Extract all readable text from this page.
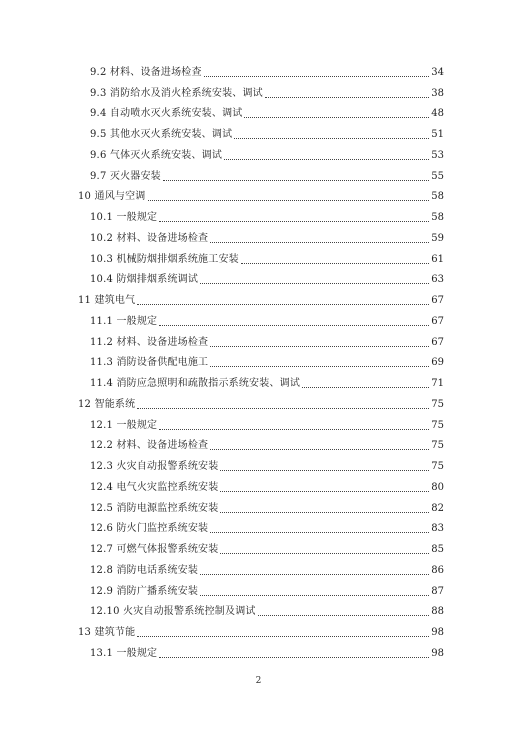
9.2 材料、设备进场检查	34
9.3 消防给水及消火栓系统安装、调试	38
9.4 自动喷水灭火系统安装、调试	48
9.5 其他水灭火系统安装、调试	51
9.6 气体灭火系统安装、调试	53
9.7 灭火器安装	55
10 通风与空调	58
10.1 一般规定	58
10.2 材料、设备进场检查	59
10.3 机械防烟排烟系统施工安装	61
10.4 防烟排烟系统调试	63
11 建筑电气	67
11.1 一般规定	67
11.2 材料、设备进场检查	67
11.3 消防设备供配电施工	69
11.4 消防应急照明和疏散指示系统安装、调试	71
12 智能系统	75
12.1 一般规定	75
12.2 材料、设备进场检查	75
12.3 火灾自动报警系统安装	75
12.4 电气火灾监控系统安装	80
12.5 消防电源监控系统安装	82
12.6 防火门监控系统安装	83
12.7 可燃气体报警系统安装	85
12.8 消防电话系统安装	86
12.9 消防广播系统安装	87
12.10 火灾自动报警系统控制及调试	88
13 建筑节能	98
13.1 一般规定	98
2
